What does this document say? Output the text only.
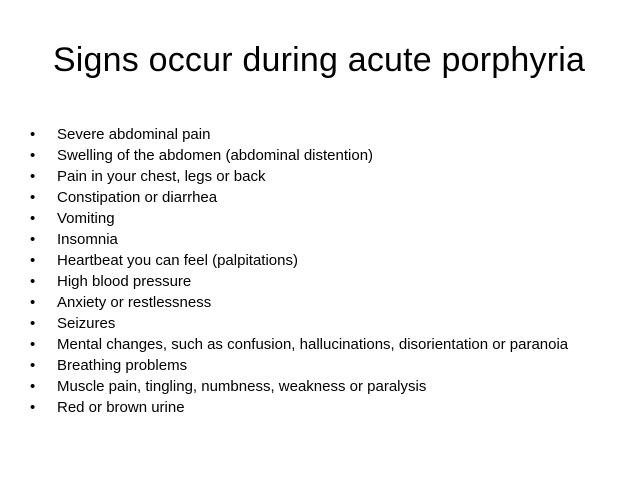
Signs occur during acute porphyria
•	Severe abdominal pain
•	Swelling of the abdomen (abdominal distention)
•	Pain in your chest, legs or back
•	Constipation or diarrhea
•	Vomiting
•	Insomnia
•	Heartbeat you can feel (palpitations)
•	High blood pressure
•	Anxiety or restlessness
•	Seizures
•	Mental changes, such as confusion, hallucinations, disorientation or paranoia
•	Breathing problems
•	Muscle pain, tingling, numbness, weakness or paralysis
•	Red or brown urine
